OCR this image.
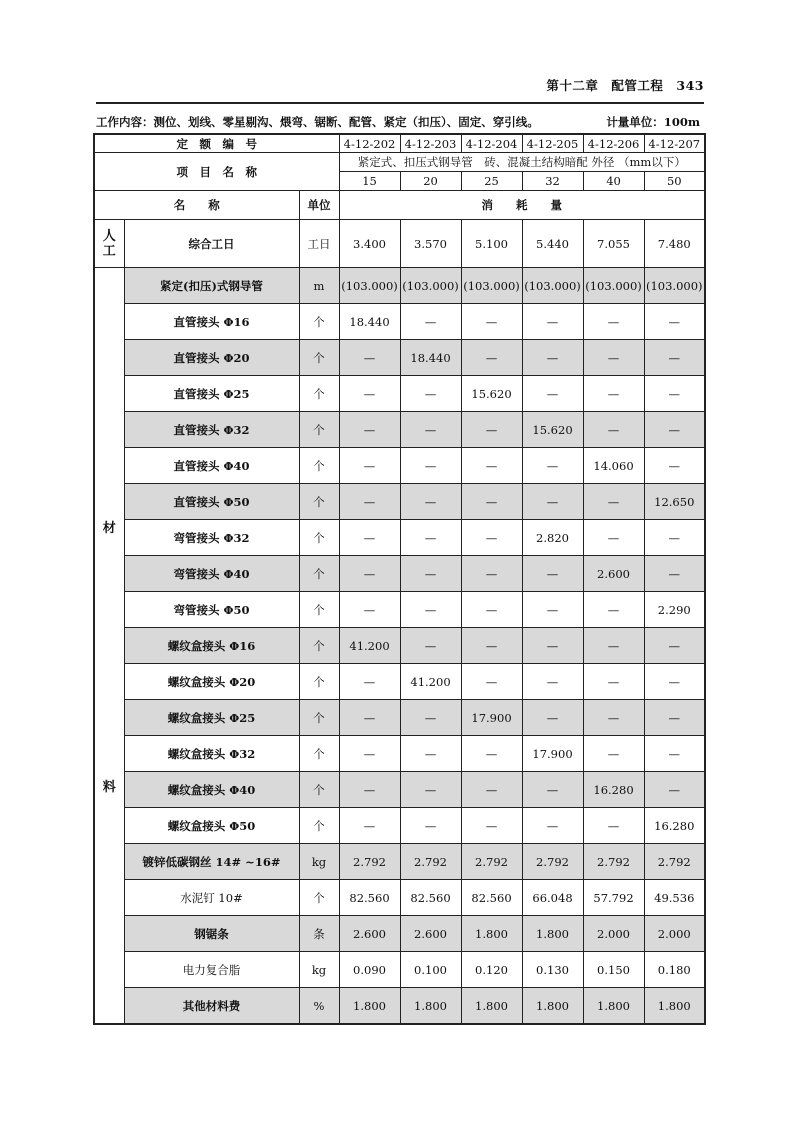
第十二章　配管工程　343
工作内容：测位、划线、零星剔沟、煨弯、锯断、配管、紧定（扣压）、固定、穿引线。	计量单位：100m
定　额　编　号			4-12-202	4-12-203	4-12-204	4-12-205	4-12-206	4-12-207
项　目　名　称			紧定式、扣压式钢导管　砖、混凝土结构暗配 外径 （mm以下）					
			15	20	25	32	40	50
名　　称		单位	消　　耗　　量					

人
工	综合工日	工日	3.400	3.570	5.100	5.440	7.055	7.480

材
料	紧定(扣压)式钢导管	m	(103.000)	(103.000)	(103.000)	(103.000)	(103.000)	(103.000)
	直管接头 Φ16	个	18.440	—	—	—	—	—
	直管接头 Φ20	个	—	18.440	—	—	—	—
	直管接头 Φ25	个	—	—	15.620	—	—	—
	直管接头 Φ32	个	—	—	—	15.620	—	—
	直管接头 Φ40	个	—	—	—	—	14.060	—
	直管接头 Φ50	个	—	—	—	—	—	12.650
	弯管接头 Φ32	个	—	—	—	2.820	—	—
	弯管接头 Φ40	个	—	—	—	—	2.600	—
	弯管接头 Φ50	个	—	—	—	—	—	2.290
	螺纹盒接头 Φ16	个	41.200	—	—	—	—	—
	螺纹盒接头 Φ20	个	—	41.200	—	—	—	—
	螺纹盒接头 Φ25	个	—	—	17.900	—	—	—
	螺纹盒接头 Φ32	个	—	—	—	17.900	—	—
	螺纹盒接头 Φ40	个	—	—	—	—	16.280	—
	螺纹盒接头 Φ50	个	—	—	—	—	—	16.280
	镀锌低碳钢丝 14# ~16#	kg	2.792	2.792	2.792	2.792	2.792	2.792
	水泥钉 10#	个	82.560	82.560	82.560	66.048	57.792	49.536
	钢锯条	条	2.600	2.600	1.800	1.800	2.000	2.000
	电力复合脂	kg	0.090	0.100	0.120	0.130	0.150	0.180
	其他材料费	%	1.800	1.800	1.800	1.800	1.800	1.800
